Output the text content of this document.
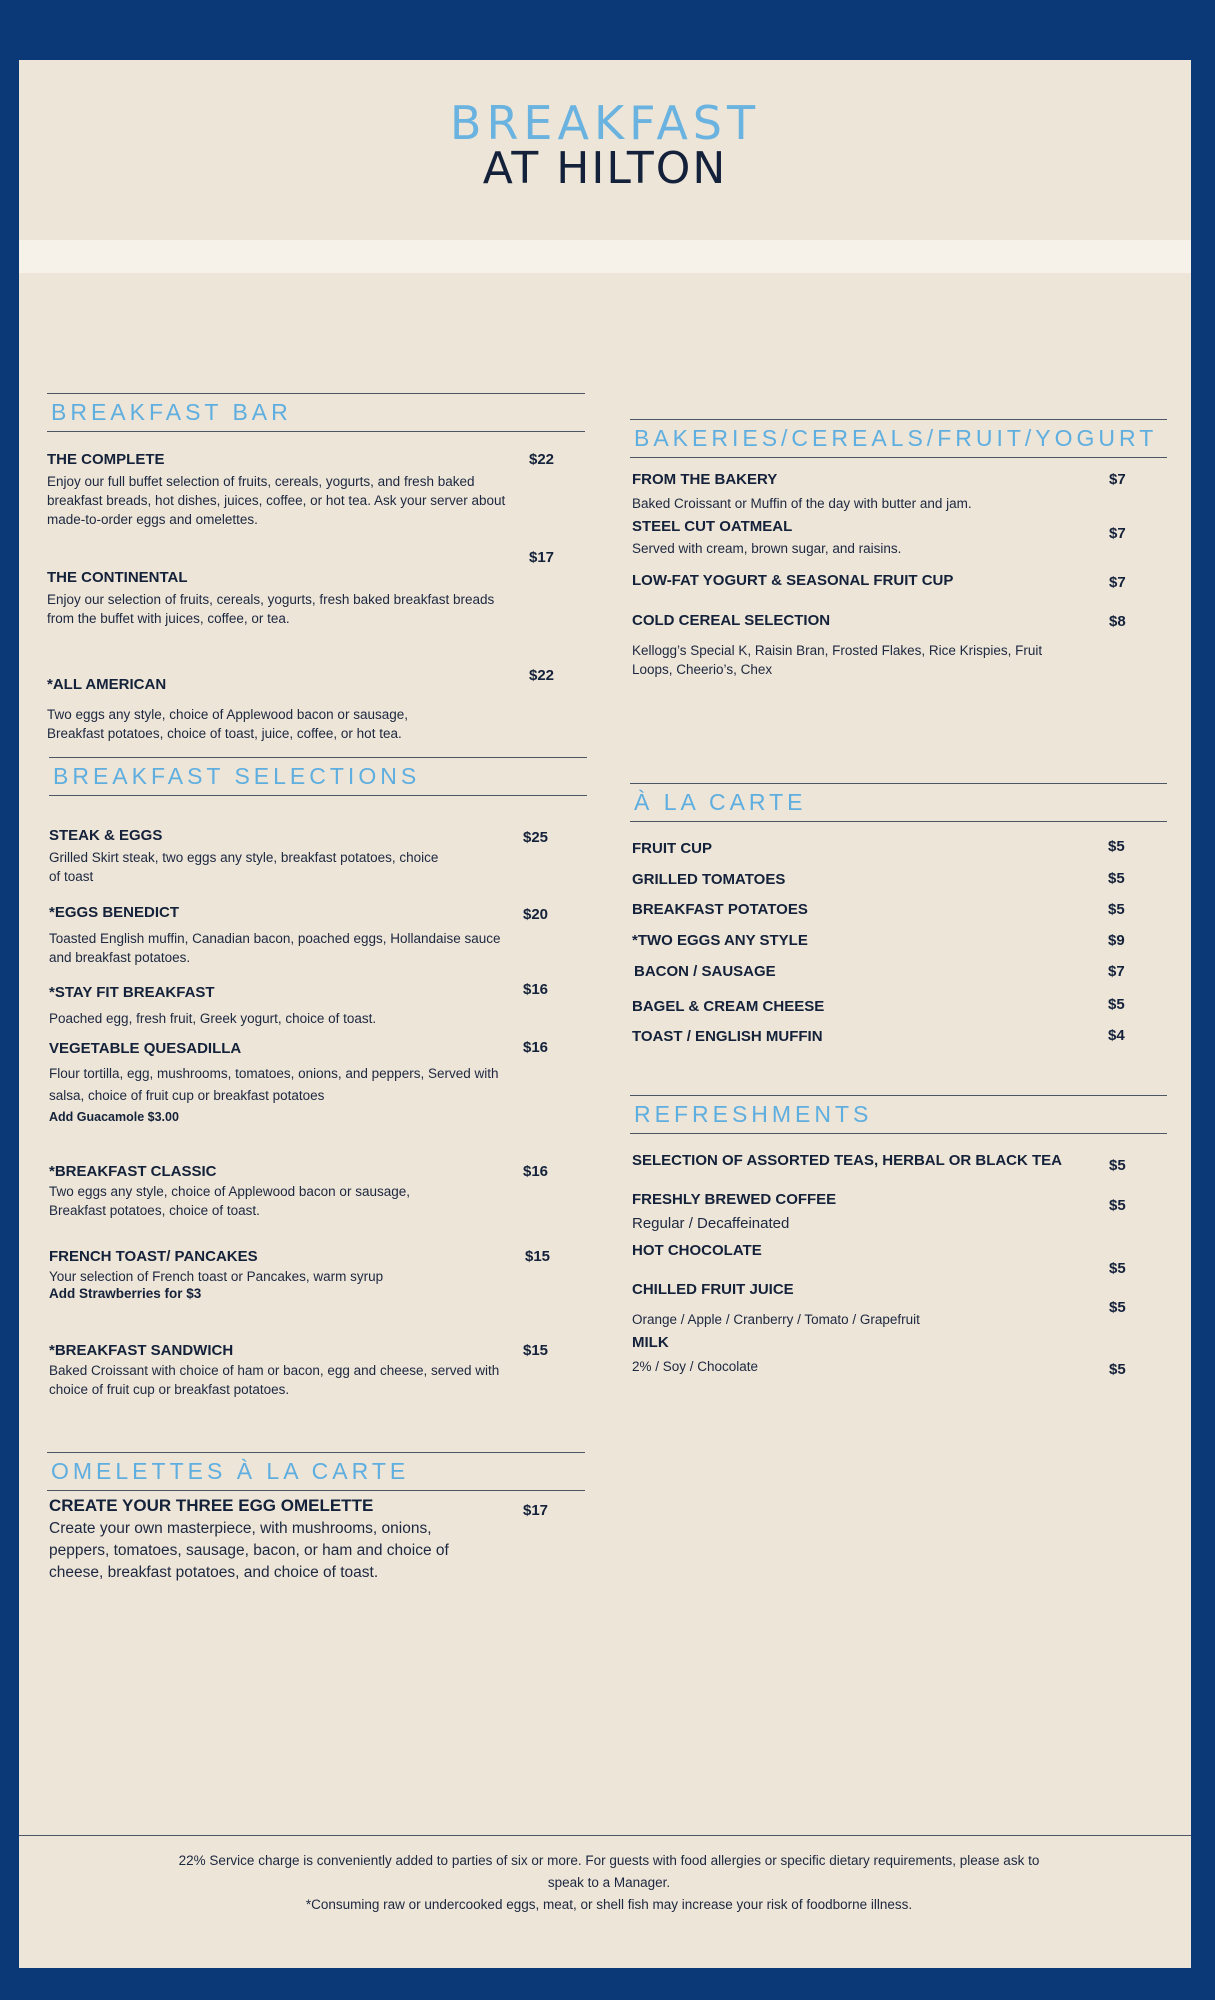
BREAKFAST
AT HILTON
BREAKFAST BAR
THE COMPLETE
Enjoy our full buffet selection of fruits, cereals, yogurts, and fresh baked breakfast breads, hot dishes, juices, coffee, or hot tea. Ask your server about made-to-order eggs and omelettes.
$22
THE CONTINENTAL
Enjoy our selection of fruits, cereals, yogurts, fresh baked breakfast breads from the buffet with juices, coffee, or tea.
$17
*ALL AMERICAN
Two eggs any style, choice of Applewood bacon or sausage, Breakfast potatoes, choice of toast, juice, coffee, or hot tea.
$22
BREAKFAST SELECTIONS
STEAK & EGGS
Grilled Skirt steak, two eggs any style, breakfast potatoes, choice of toast
$25
*EGGS BENEDICT
Toasted English muffin, Canadian bacon, poached eggs, Hollandaise sauce and breakfast potatoes.
$20
*STAY FIT BREAKFAST
Poached egg, fresh fruit, Greek yogurt, choice of toast.
$16
VEGETABLE QUESADILLA
Flour tortilla, egg, mushrooms, tomatoes, onions, and peppers, Served with salsa, choice of fruit cup or breakfast potatoes
Add Guacamole $3.00
$16
*BREAKFAST CLASSIC
Two eggs any style, choice of Applewood bacon or sausage, Breakfast potatoes, choice of toast.
$16
FRENCH TOAST/ PANCAKES
Your selection of French toast or Pancakes, warm syrup
Add Strawberries for $3
$15
*BREAKFAST SANDWICH
Baked Croissant with choice of ham or bacon, egg and cheese, served with choice of fruit cup or breakfast potatoes.
$15
OMELETTES À LA CARTE
CREATE YOUR THREE EGG OMELETTE
Create your own masterpiece, with mushrooms, onions, peppers, tomatoes, sausage, bacon, or ham and choice of cheese, breakfast potatoes, and choice of toast.
$17
BAKERIES/CEREALS/FRUIT/YOGURT
FROM THE BAKERY
Baked Croissant or Muffin of the day with butter and jam.
$7
STEEL CUT OATMEAL
Served with cream, brown sugar, and raisins.
$7
LOW-FAT YOGURT & SEASONAL FRUIT CUP	$7
COLD CEREAL SELECTION
Kellogg’s Special K, Raisin Bran, Frosted Flakes, Rice Krispies, Fruit Loops, Cheerio’s, Chex
$8
À LA CARTE
FRUIT CUP	$5
GRILLED TOMATOES	$5
BREAKFAST POTATOES	$5
*TWO EGGS ANY STYLE	$9
BACON / SAUSAGE	$7
BAGEL & CREAM CHEESE	$5
TOAST / ENGLISH MUFFIN	$4
REFRESHMENTS
SELECTION OF ASSORTED TEAS, HERBAL OR BLACK TEA	$5
FRESHLY BREWED COFFEE
Regular / Decaffeinated
$5
HOT CHOCOLATE
$5
CHILLED FRUIT JUICE
Orange / Apple / Cranberry / Tomato / Grapefruit
$5
MILK
2% / Soy / Chocolate	$5
22% Service charge is conveniently added to parties of six or more. For guests with food allergies or specific dietary requirements, please ask to speak to a Manager.
*Consuming raw or undercooked eggs, meat, or shell fish may increase your risk of foodborne illness.
